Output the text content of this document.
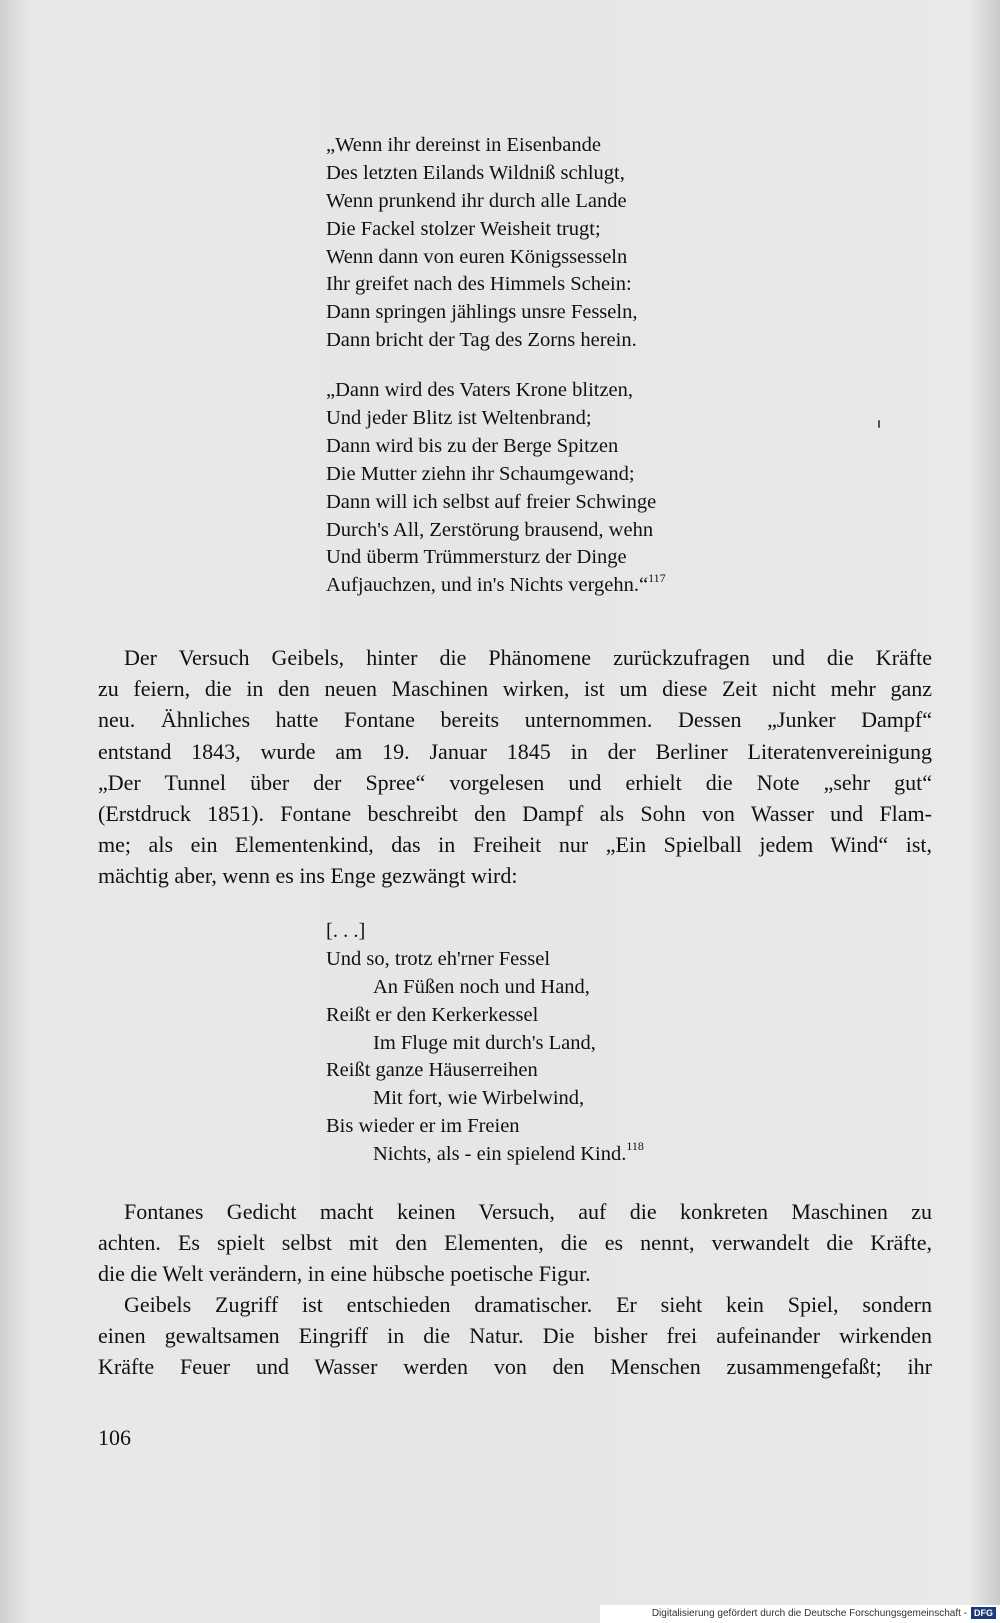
„Wenn ihr dereinst in Eisenbande
Des letzten Eilands Wildniß schlugt,
Wenn prunkend ihr durch alle Lande
Die Fackel stolzer Weisheit trugt;
Wenn dann von euren Königssesseln
Ihr greifet nach des Himmels Schein:
Dann springen jählings unsre Fesseln,
Dann bricht der Tag des Zorns herein.
„Dann wird des Vaters Krone blitzen,
Und jeder Blitz ist Weltenbrand;
Dann wird bis zu der Berge Spitzen
Die Mutter ziehn ihr Schaumgewand;
Dann will ich selbst auf freier Schwinge
Durch's All, Zerstörung brausend, wehn
Und überm Trümmersturz der Dinge
Aufjauchzen, und in's Nichts vergehn.“$^{117}$
Der Versuch Geibels, hinter die Phänomene zurückzufragen und die Kräfte
zu feiern, die in den neuen Maschinen wirken, ist um diese Zeit nicht mehr ganz
neu. Ähnliches hatte Fontane bereits unternommen. Dessen „Junker Dampf“
entstand 1843, wurde am 19. Januar 1845 in der Berliner Literatenvereinigung
„Der Tunnel über der Spree“ vorgelesen und erhielt die Note „sehr gut“
(Erstdruck 1851). Fontane beschreibt den Dampf als Sohn von Wasser und Flam-
me; als ein Elementenkind, das in Freiheit nur „Ein Spielball jedem Wind“ ist,
mächtig aber, wenn es ins Enge gezwängt wird:
[. . .]
Und so, trotz eh'rner Fessel
An Füßen noch und Hand,
Reißt er den Kerkerkessel
Im Fluge mit durch's Land,
Reißt ganze Häuserreihen
Mit fort, wie Wirbelwind,
Bis wieder er im Freien
Nichts, als - ein spielend Kind.$^{118}$
Fontanes Gedicht macht keinen Versuch, auf die konkreten Maschinen zu
achten. Es spielt selbst mit den Elementen, die es nennt, verwandelt die Kräfte,
die die Welt verändern, in eine hübsche poetische Figur.
Geibels Zugriff ist entschieden dramatischer. Er sieht kein Spiel, sondern
einen gewaltsamen Eingriff in die Natur. Die bisher frei aufeinander wirkenden
Kräfte Feuer und Wasser werden von den Menschen zusammengefaßt; ihr
106
Digitalisierung gefördert durch die Deutsche Forschungsgemeinschaft - DFG
